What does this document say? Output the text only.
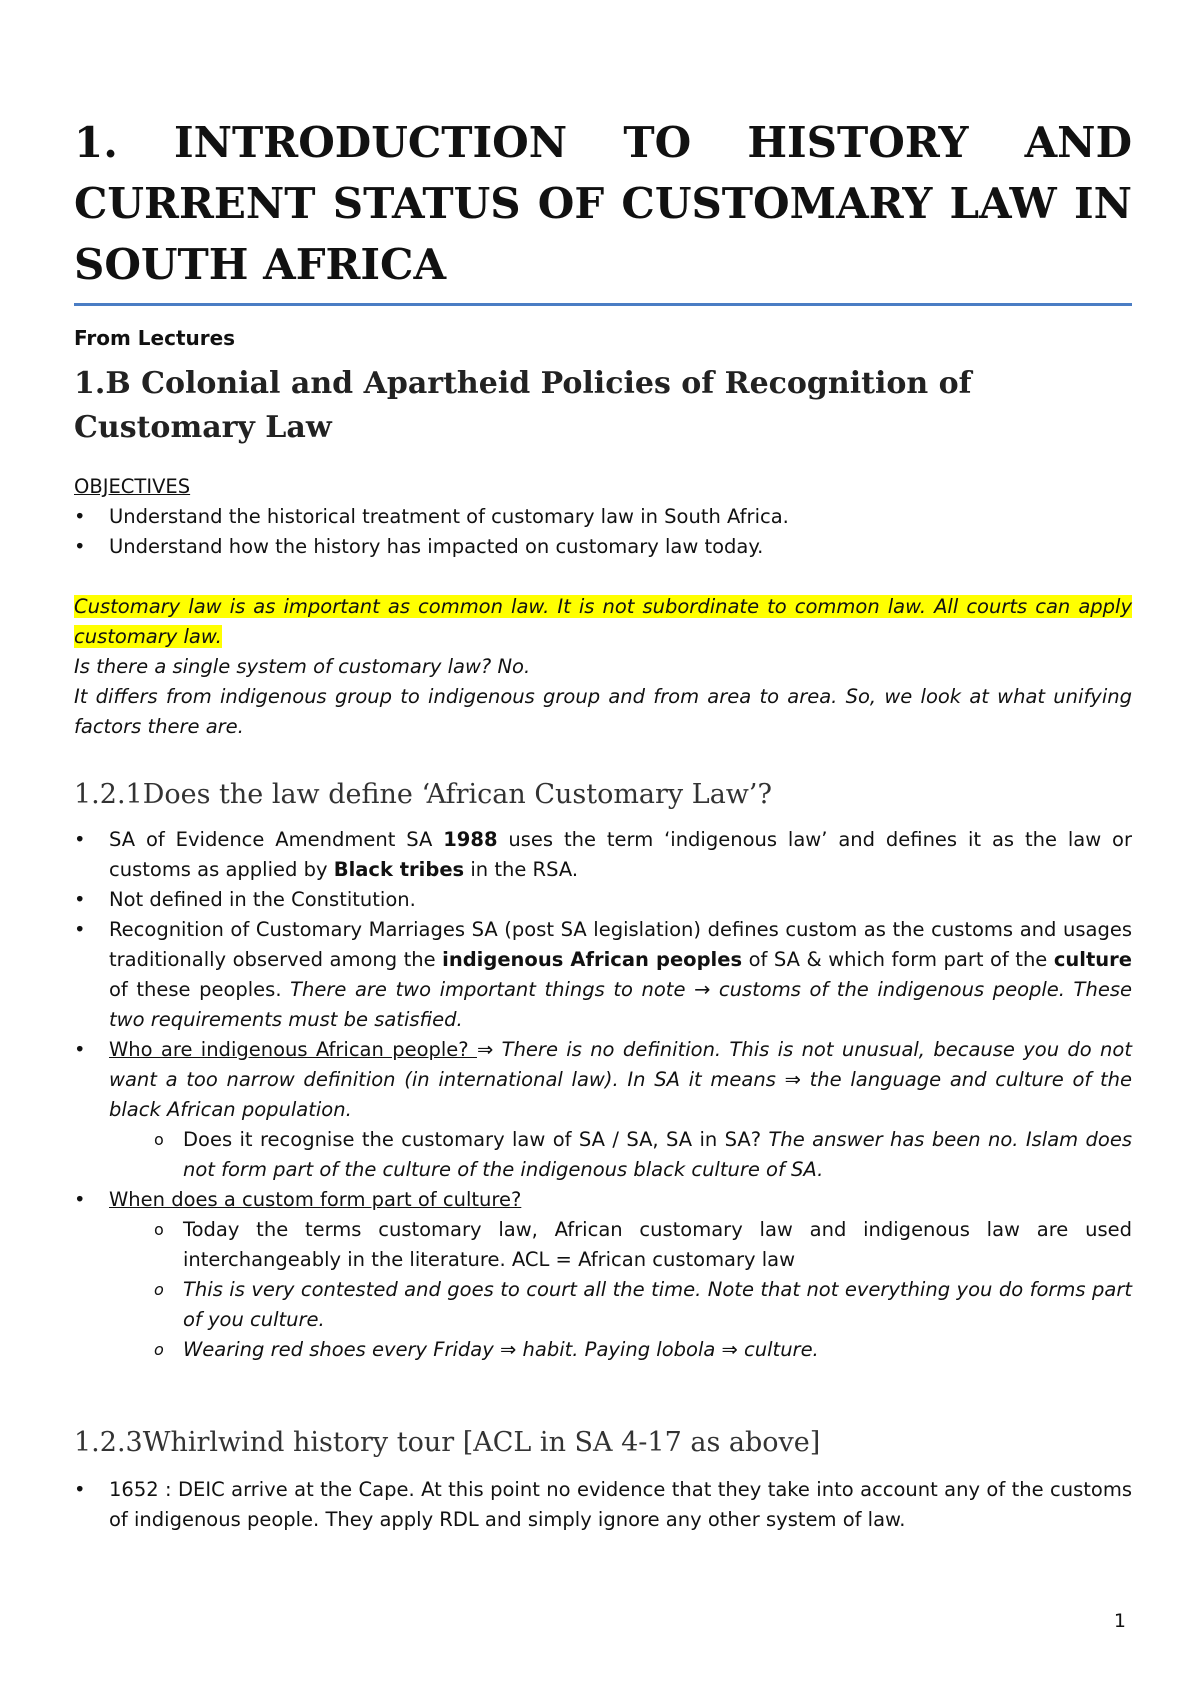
1. INTRODUCTION TO HISTORY AND CURRENT STATUS OF CUSTOMARY LAW IN SOUTH AFRICA
From Lectures
1.B Colonial and Apartheid Policies of Recognition of Customary Law
OBJECTIVES
• Understand the historical treatment of customary law in South Africa.
• Understand how the history has impacted on customary law today.
Customary law is as important as common law. It is not subordinate to common law. All courts can apply customary law.
Is there a single system of customary law? No.
It differs from indigenous group to indigenous group and from area to area. So, we look at what unifying factors there are.
1.2.1Does the law define ‘African Customary Law’?
• SA of Evidence Amendment SA 1988 uses the term ‘indigenous law’ and defines it as the law or customs as applied by Black tribes in the RSA.
• Not defined in the Constitution.
• Recognition of Customary Marriages SA (post SA legislation) defines custom as the customs and usages traditionally observed among the indigenous African peoples of SA & which form part of the culture of these peoples. There are two important things to note → customs of the indigenous people. These two requirements must be satisfied.
• Who are indigenous African people? ⇒ There is no definition. This is not unusual, because you do not want a too narrow definition (in international law). In SA it means ⇒ the language and culture of the black African population.
o Does it recognise the customary law of SA / SA, SA in SA? The answer has been no. Islam does not form part of the culture of the indigenous black culture of SA.
• When does a custom form part of culture?
o Today the terms customary law, African customary law and indigenous law are used interchangeably in the literature. ACL = African customary law
o This is very contested and goes to court all the time. Note that not everything you do forms part of you culture.
o Wearing red shoes every Friday ⇒ habit. Paying lobola ⇒ culture.
1.2.3Whirlwind history tour [ACL in SA 4-17 as above]
• 1652 : DEIC arrive at the Cape. At this point no evidence that they take into account any of the customs of indigenous people. They apply RDL and simply ignore any other system of law.
1
